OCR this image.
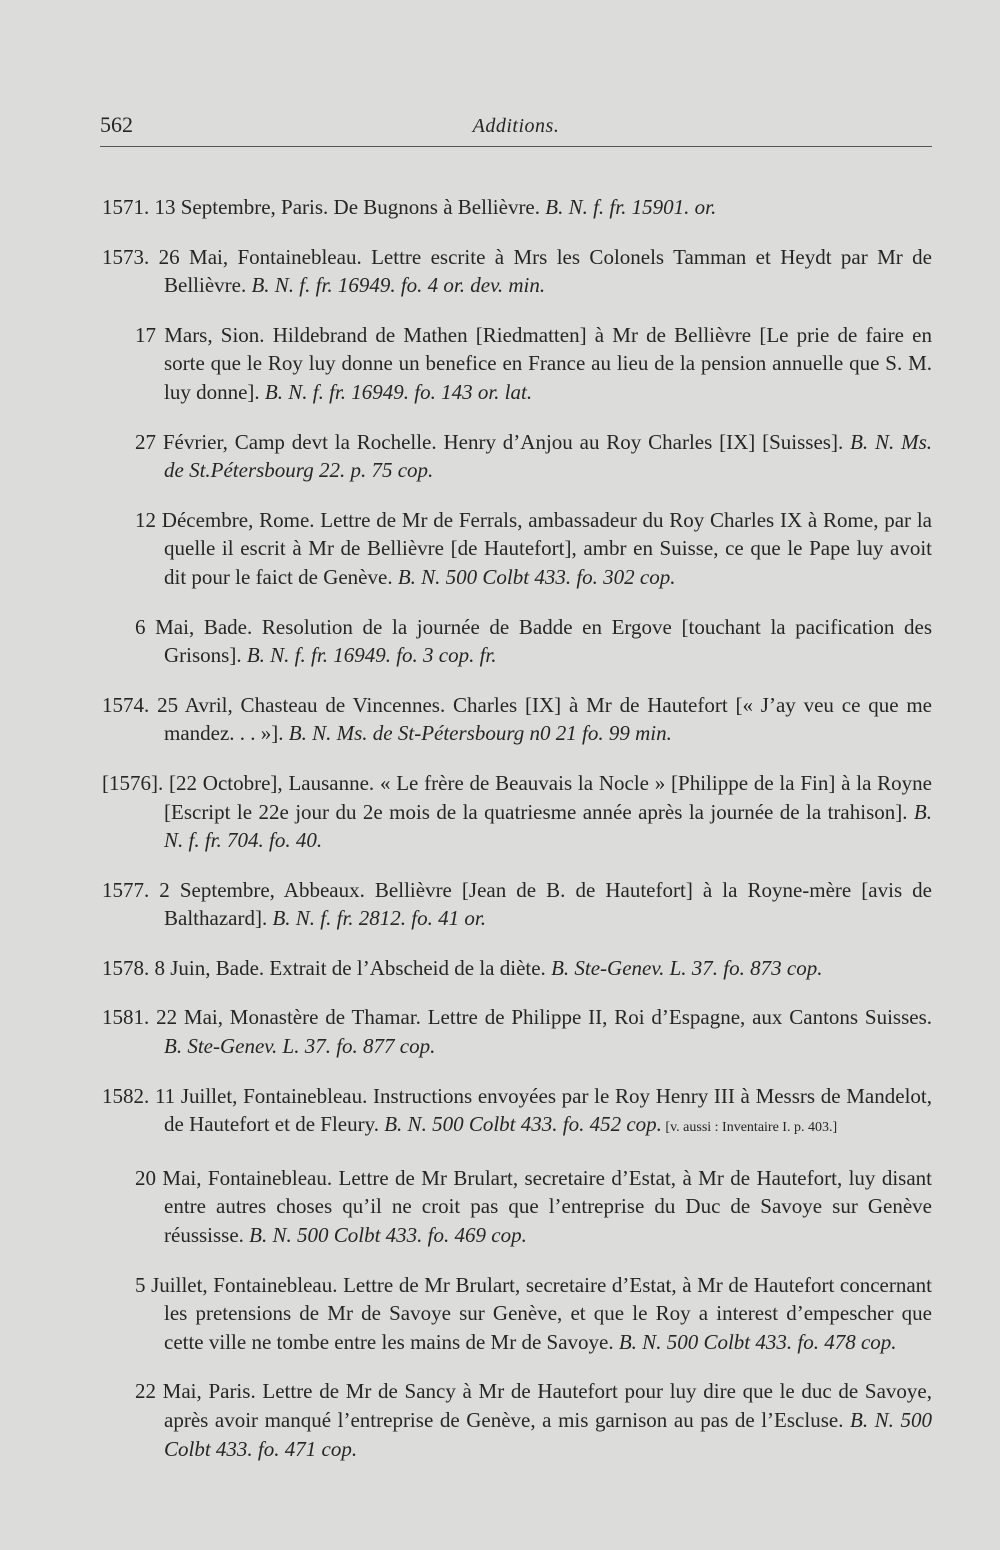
562	Additions.

1571. 13 Septembre, Paris. De Bugnons à Bellièvre. B. N. f. fr. 15901. or.

1573. 26 Mai, Fontainebleau. Lettre escrite à Mrs les Colonels Tamman et Heydt par Mr de Bellièvre. B. N. f. fr. 16949. fo. 4 or. dev. min.

17 Mars, Sion. Hildebrand de Mathen [Riedmatten] à Mr de Bellièvre [Le prie de faire en sorte que le Roy luy donne un benefice en France au lieu de la pension annuelle que S. M. luy donne]. B. N. f. fr. 16949. fo. 143 or. lat.

27 Février, Camp devt la Rochelle. Henry d’Anjou au Roy Charles [IX] [Suisses]. B. N. Ms. de St.Pétersbourg 22. p. 75 cop.

12 Décembre, Rome. Lettre de Mr de Ferrals, ambassadeur du Roy Charles IX à Rome, par la quelle il escrit à Mr de Bellièvre [de Hautefort], ambr en Suisse, ce que le Pape luy avoit dit pour le faict de Genève. B. N. 500 Colbt 433. fo. 302 cop.

6 Mai, Bade. Resolution de la journée de Badde en Ergove [touchant la pacification des Grisons]. B. N. f. fr. 16949. fo. 3 cop. fr.

1574. 25 Avril, Chasteau de Vincennes. Charles [IX] à Mr de Hautefort [« J’ay veu ce que me mandez. . . »]. B. N. Ms. de St-Pétersbourg n0 21 fo. 99 min.

[1576]. [22 Octobre], Lausanne. « Le frère de Beauvais la Nocle » [Philippe de la Fin] à la Royne [Escript le 22e jour du 2e mois de la quatriesme année après la journée de la trahison]. B. N. f. fr. 704. fo. 40.

1577. 2 Septembre, Abbeaux. Bellièvre [Jean de B. de Hautefort] à la Royne-mère [avis de Balthazard]. B. N. f. fr. 2812. fo. 41 or.

1578. 8 Juin, Bade. Extrait de l’Abscheid de la diète. B. Ste-Genev. L. 37. fo. 873 cop.

1581. 22 Mai, Monastère de Thamar. Lettre de Philippe II, Roi d’Espagne, aux Cantons Suisses. B. Ste-Genev. L. 37. fo. 877 cop.

1582. 11 Juillet, Fontainebleau. Instructions envoyées par le Roy Henry III à Messrs de Mandelot, de Hautefort et de Fleury. B. N. 500 Colbt 433. fo. 452 cop. [v. aussi : Inventaire I. p. 403.]

20 Mai, Fontainebleau. Lettre de Mr Brulart, secretaire d’Estat, à Mr de Hautefort, luy disant entre autres choses qu’il ne croit pas que l’entreprise du Duc de Savoye sur Genève réussisse. B. N. 500 Colbt 433. fo. 469 cop.

5 Juillet, Fontainebleau. Lettre de Mr Brulart, secretaire d’Estat, à Mr de Hautefort concernant les pretensions de Mr de Savoye sur Genève, et que le Roy a interest d’empescher que cette ville ne tombe entre les mains de Mr de Savoye. B. N. 500 Colbt 433. fo. 478 cop.

22 Mai, Paris. Lettre de Mr de Sancy à Mr de Hautefort pour luy dire que le duc de Savoye, après avoir manqué l’entreprise de Genève, a mis garnison au pas de l’Escluse. B. N. 500 Colbt 433. fo. 471 cop.
